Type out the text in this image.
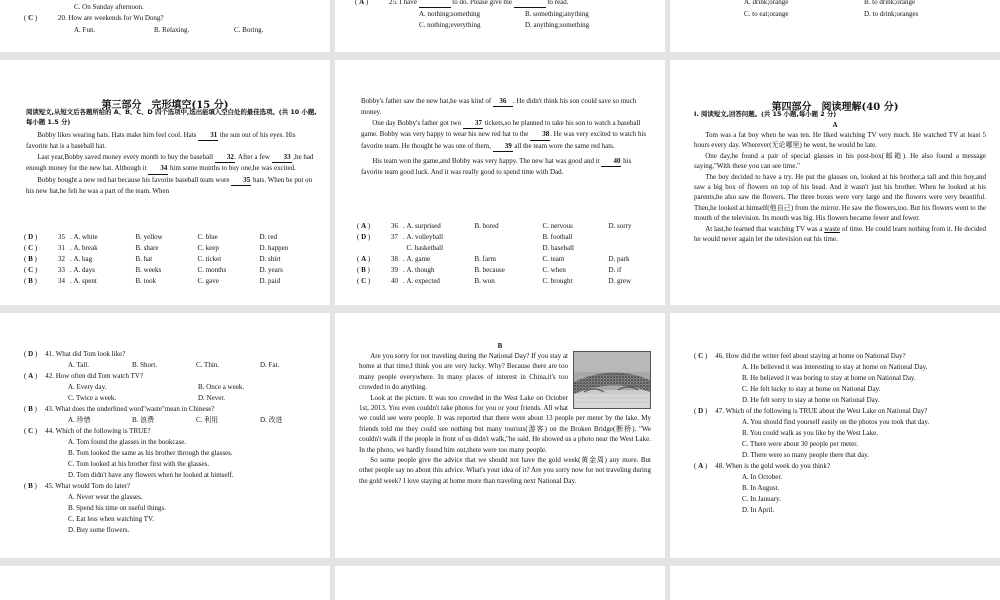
C. On Sunday afternoon.
( C )	20 . How are weekends for Wu Dong?
A. Fun.	B. Relaxing.	C. Boring.
( A )	25 . I have

	to do. Please give me

	to read.
A. nothing;something	B. something;anything
C. nothing;everything	D. anything;something
A. drink;orange	B. to drink;orange
C. to eat;orange	D. to drink;oranges
第三部分　完形填空(15 分)
阅读短文,从短文后各题所给的 A、B、C、D 四个选项中,选出能填入空白处的最佳选项。(共 10 小题,每小题 1.5 分)

Bobby likes wearing hats. Hats make him feel cool. Hats 31 the sun out of his eyes. His favorite hat is a baseball hat.

Last year,Bobby saved money every month to buy the baseball 32. After a few 33 ,he had enough money for the new hat. Although it 34 him some months to buy one,he was excited.

Bobby bought a new red hat because his favorite baseball team wore 35 hats. When he put on his new hat,he felt he was a part of the team. When

( D )	35 . A. white	B. yellow	C. blue	D. red
( C )	31 . A. break	B. share	C. keep	D. happen
( B )	32 . A. bag	B. hat	C. ticket	D. shirt
( C )	33 . A. days	B. weeks	C. months	D. years
( B )	34 . A. spent	B. took	C. gave	D. paid

Bobby's father saw the new hat,he was kind of 36 . He didn't think his son could save so much money.

One day Bobby's father got two 37 tickets,so he planned to take his son to watch a baseball game. Bobby was very happy to wear his new red hat to the 38. He was very excited to watch his favorite team. He thought he was one of them, 39 all the team wore the same red hats.

His team won the game,and Bobby was very happy. The new hat was good and it 40 his favorite team good luck. And it was really good to spend time with Dad.

( A )	36 . A. surprised	B. bored	C. nervous	D. sorry
( D )	37 . A. volleyball	B. football

C. basketball	D. baseball
( A )	38 . A. game	B. farm	C. team	D. park
( B )	39 . A. though	B. because	C. when	D. if
( C )	40 . A. expected	B. won	C. brought	D. grew
第四部分　阅读理解(40 分)
Ⅰ. 阅读短文,回答问题。(共 15 小题,每小题 2 分)
A

Tom was a fat boy when he was ten. He liked watching TV very much. He watched TV at least 5 hours every day. Wherever(无论哪里) he went, he would be late.

One day,he found a pair of special glasses in his post-box(邮箱). He also found a message saying,"With these you can see time."

The boy decided to have a try. He put the glasses on, looked at his brother,a tall and thin boy,and saw a big box of flowers on top of his head. And it wasn't just his brother. When he looked at his parents,he also saw the flowers. The three boxes were very large and the flowers were very beautiful. Then,he looked at himself(他自己) from the mirror. He saw the flowers,too. But his flowers went to the mouth of the television. Its mouth was big. His flowers became fewer and fewer.

At last,he learned that watching TV was a waste of time. He could learn nothing from it. He decided he would never again let the television eat his time.

( D ) 41. What did Tom look like?
A. Tall.	B. Short.	C. Thin.	D. Fat.
( A ) 42. How often did Tom watch TV?
A. Every day.	B. Once a week.
C. Twice a week.	D. Never.
( B ) 43. What does the underlined word"waste"mean in Chinese?
A. 珍惜	B. 浪费	C. 利用	D. 改进
( C ) 44. Which of the following is TRUE?
A. Tom found the glasses in the bookcase.
B. Tom looked the same as his brother through the glasses.
C. Tom looked at his brother first with the glasses.
D. Tom didn't have any flowers when he looked at himself.
( B ) 45. What would Tom do later?
A. Never wear the glasses.
B. Spend his time on useful things.
C. Eat less when watching TV.
D. Buy some flowers.
B

Are you sorry for not traveling during the National Day? If you stay at home at that time,I think you are very lucky. Why? Because there are too many people everywhere. In many places of interest in China,it's too crowded to do anything.

Look at the picture. It was too crowded in the West Lake on October 1st, 2013. You even couldn't take photos for you or your friends. All what we could see were people. It was reported that there were about 13 people per meter by the lake. My friends told me they could see nothing but many tourists(游客) on the Broken Bridge(断桥). "We couldn't walk if the people in front of us didn't walk,"he said. He showed us a photo near the West Lake. In the photo, we hardly found him out,there were too many people.

So some people give the advice that we should not have the gold week(黄金周) any more. But other people say no about this advice. What's your idea of it? Are you sorry now for not traveling during the gold week? I love staying at home more than traveling next National Day.

( C ) 46. How did the writer feel about staying at home on National Day?
A. He believed it was interesting to stay at home on National Day.
B. He believed it was boring to stay at home on National Day.
C. He felt lucky to stay at home on National Day.
D. He felt sorry to stay at home on National Day.
( D ) 47. Which of the following is TRUE about the West Lake on National Day?
A. You should find yourself easily on the photos you took that day.
B. You could walk as you like by the West Lake.
C. There were about 30 people per meter.
D. There were so many people there that day.
( A ) 48. When is the gold week do you think?
A. In October.
B. In August.
C. In January.
D. In April.
